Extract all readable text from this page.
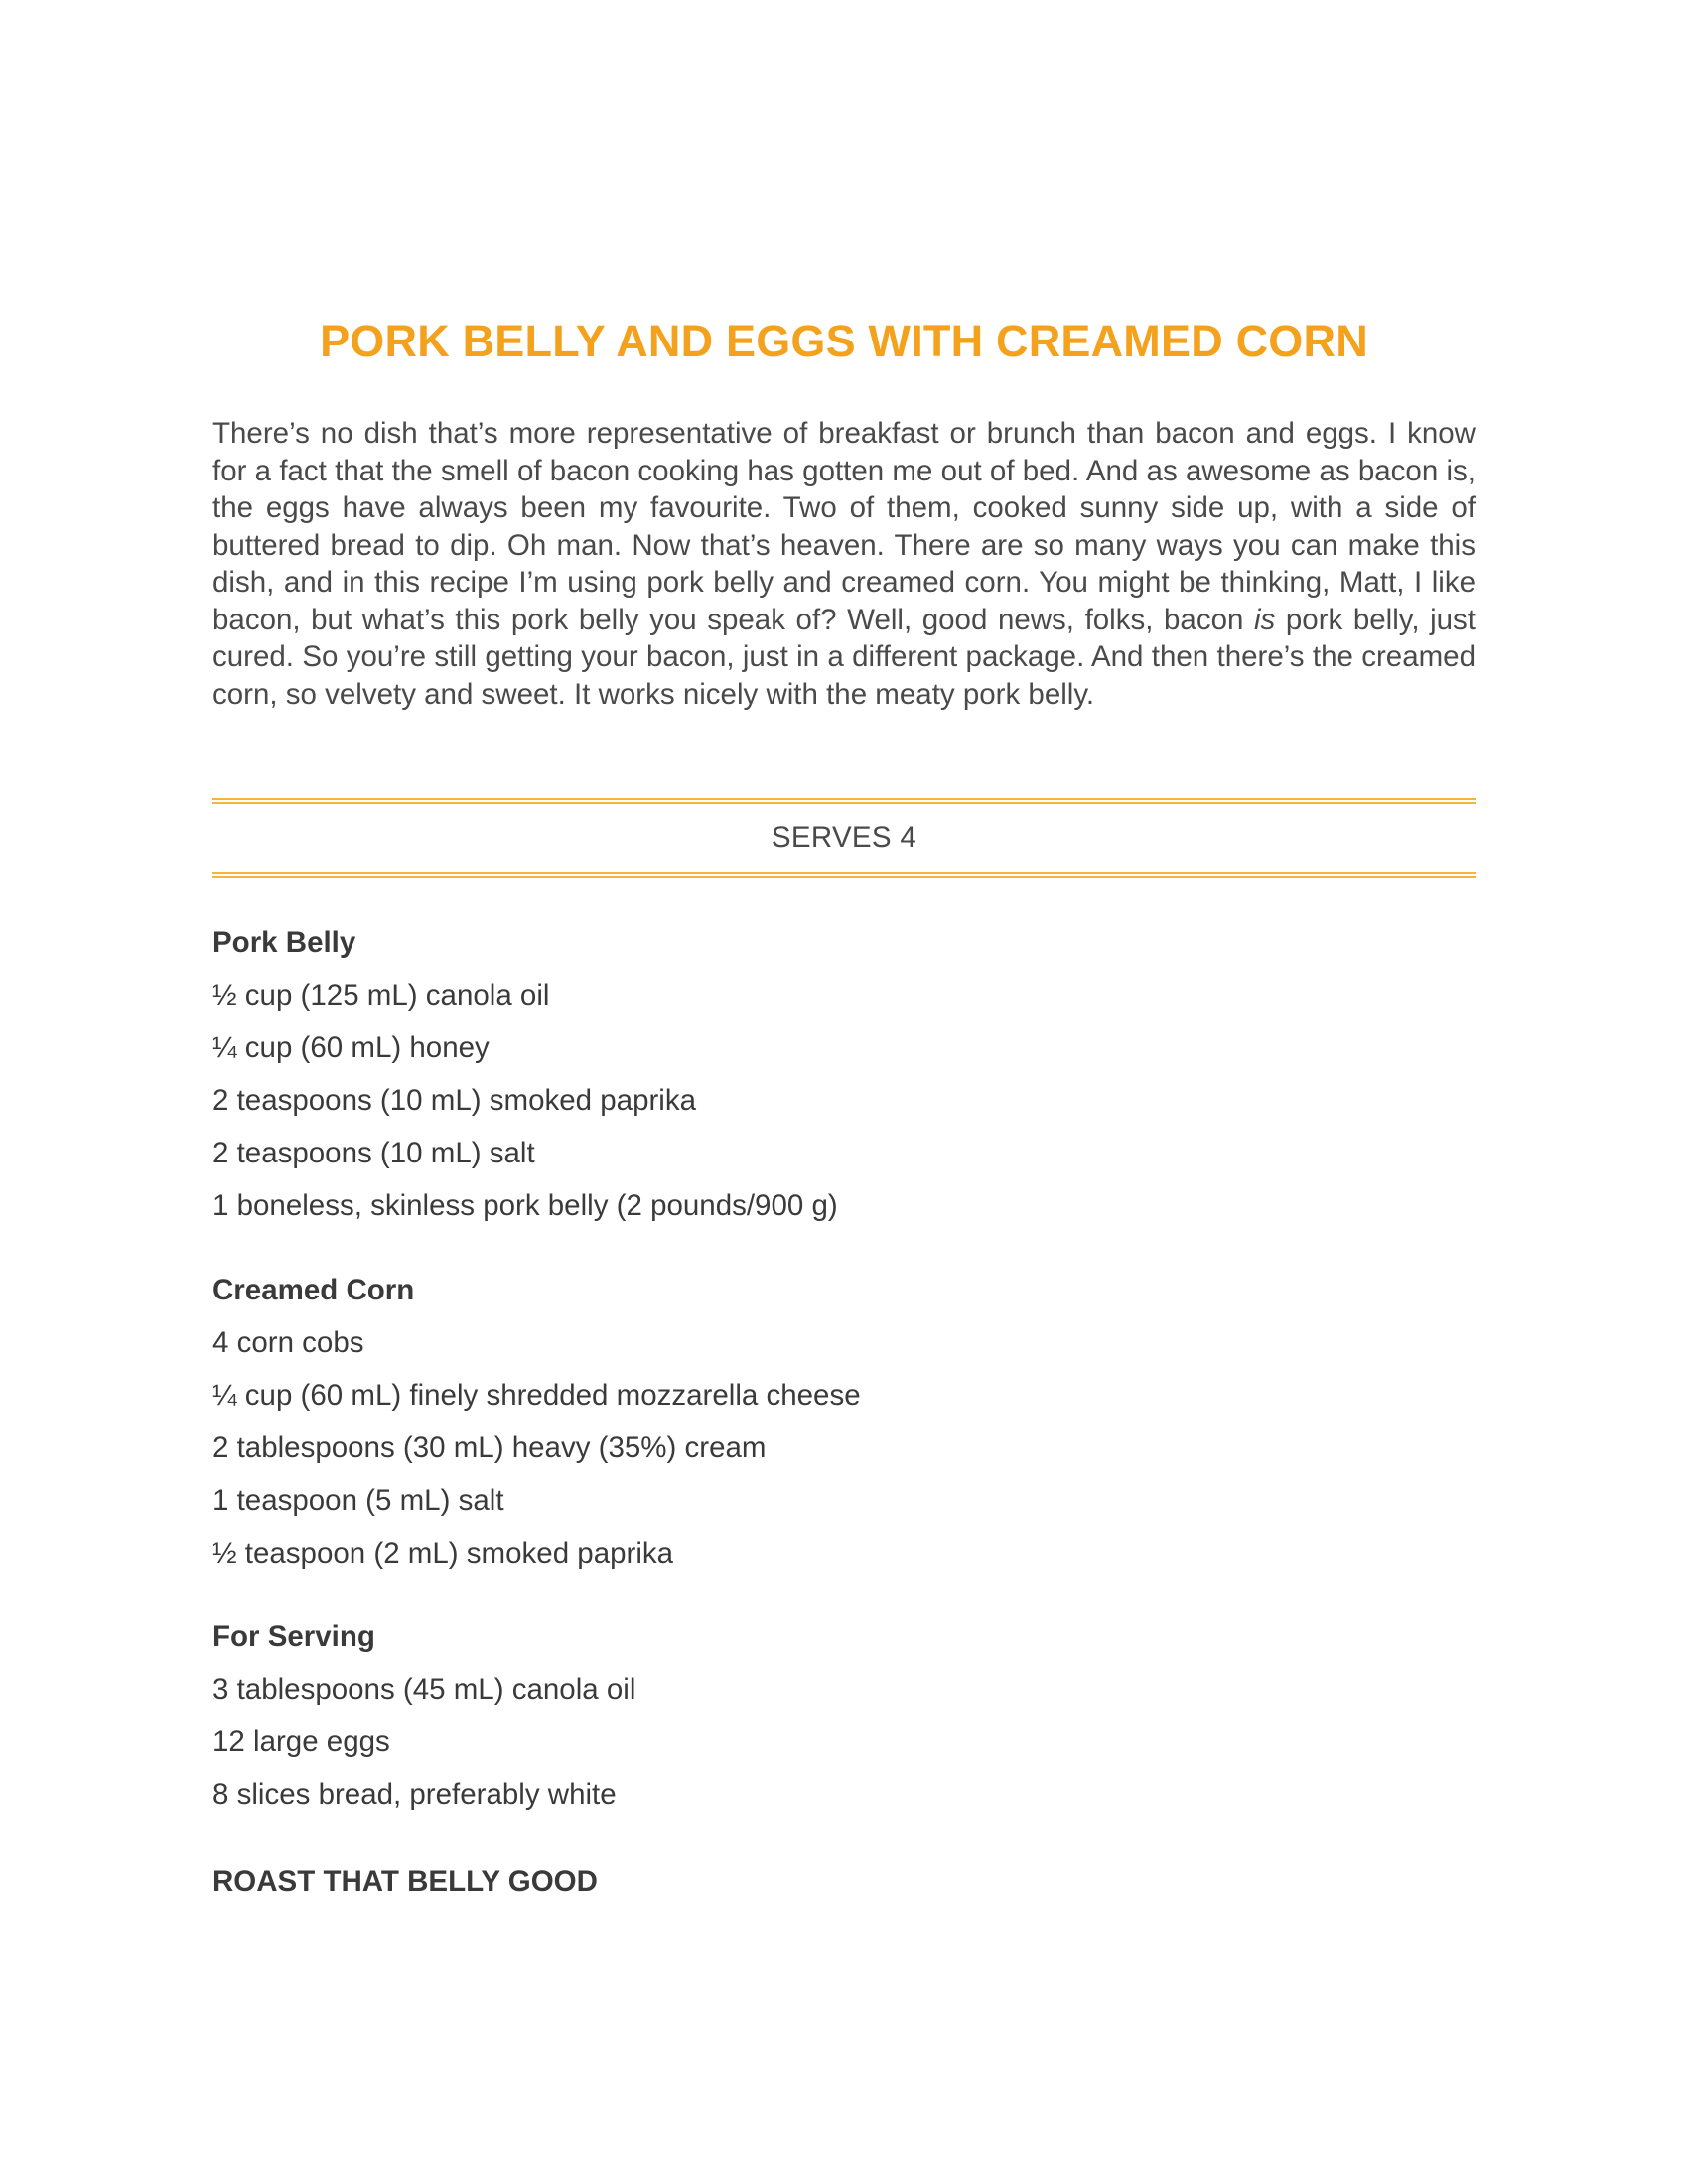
PORK BELLY AND EGGS WITH CREAMED CORN

There’s no dish that’s more representative of breakfast or brunch than bacon and eggs. I know for a fact that the smell of bacon cooking has gotten me out of bed. And as awesome as bacon is, the eggs have always been my favourite. Two of them, cooked sunny side up, with a side of buttered bread to dip. Oh man. Now that’s heaven. There are so many ways you can make this dish, and in this recipe I’m using pork belly and creamed corn. You might be thinking, Matt, I like bacon, but what’s this pork belly you speak of? Well, good news, folks, bacon is pork belly, just cured. So you’re still getting your bacon, just in a different package. And then there’s the creamed corn, so velvety and sweet. It works nicely with the meaty pork belly.

SERVES 4
Pork Belly
½ cup (125 mL) canola oil
¼ cup (60 mL) honey
2 teaspoons (10 mL) smoked paprika
2 teaspoons (10 mL) salt
1 boneless, skinless pork belly (2 pounds/900 g)
Creamed Corn
4 corn cobs
¼ cup (60 mL) finely shredded mozzarella cheese
2 tablespoons (30 mL) heavy (35%) cream
1 teaspoon (5 mL) salt
½ teaspoon (2 mL) smoked paprika
For Serving
3 tablespoons (45 mL) canola oil
12 large eggs
8 slices bread, preferably white
ROAST THAT BELLY GOOD
